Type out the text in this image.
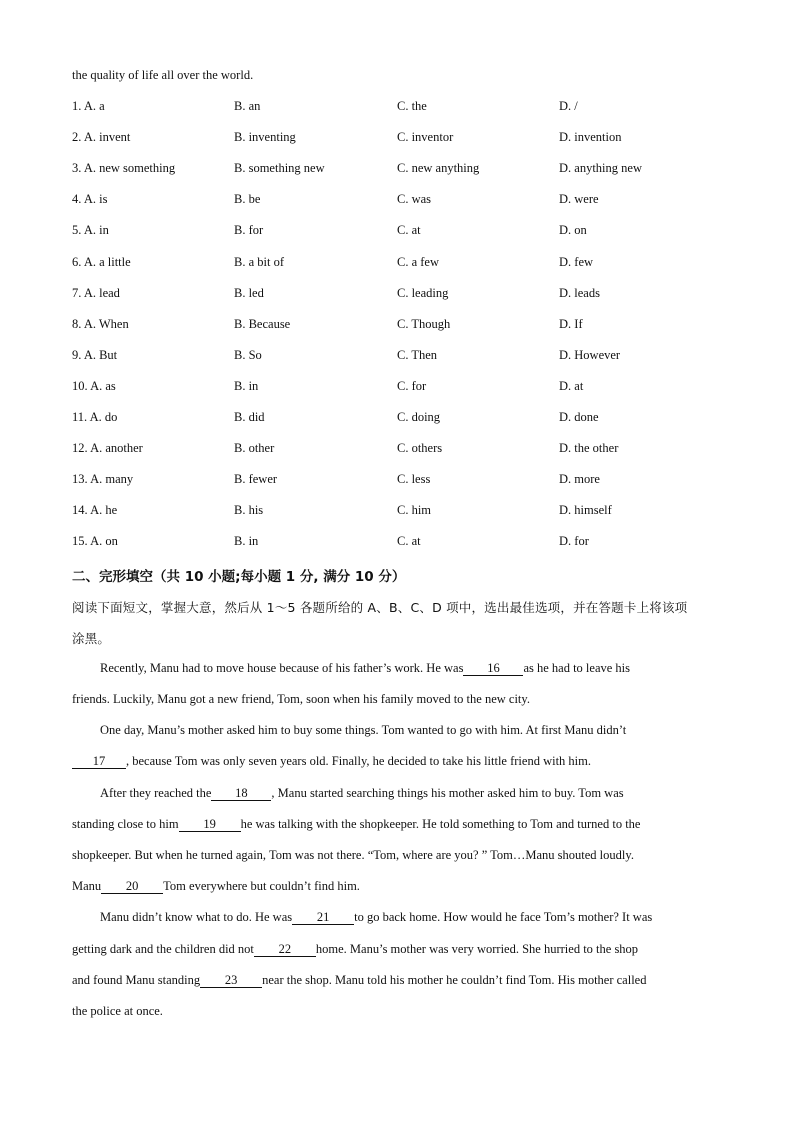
the quality of life all over the world.
1. A. a	B. an	C. the	D. /
2. A. invent	B. inventing	C. inventor	D. invention
3. A. new something	B. something new	C. new anything	D. anything new
4. A. is	B. be	C. was	D. were
5. A. in	B. for	C. at	D. on
6. A. a little	B. a bit of	C. a few	D. few
7. A. lead	B. led	C. leading	D. leads
8. A. When	B. Because	C. Though	D. If
9. A. But	B. So	C. Then	D. However
10. A. as	B. in	C. for	D. at
11. A. do	B. did	C. doing	D. done
12. A. another	B. other	C. others	D. the other
13. A. many	B. fewer	C. less	D. more
14. A. he	B. his	C. him	D. himself
15. A. on	B. in	C. at	D. for
二、完形填空（共 10 小题;每小题 1 分, 满分 10 分）
阅读下面短文，掌握大意，然后从 1～5 各题所给的 A、B、C、D 项中，选出最佳选项，并在答题卡上将该项
涂黑。
Recently, Manu had to move house because of his father’s work. He was 16 as he had to leave his
friends. Luckily, Manu got a new friend, Tom, soon when his family moved to the new city.
One day, Manu’s mother asked him to buy some things. Tom wanted to go with him. At first Manu didn’t
17 , because Tom was only seven years old. Finally, he decided to take his little friend with him.
After they reached the 18 , Manu started searching things his mother asked him to buy. Tom was
standing close to him 19 he was talking with the shopkeeper. He told something to Tom and turned to the
shopkeeper. But when he turned again, Tom was not there. “Tom, where are you? ” Tom…Manu shouted loudly.
Manu 20 Tom everywhere but couldn’t find him.
Manu didn’t know what to do. He was 21 to go back home. How would he face Tom’s mother? It was
getting dark and the children did not 22 home. Manu’s mother was very worried. She hurried to the shop
and found Manu standing 23 near the shop. Manu told his mother he couldn’t find Tom. His mother called
the police at once.
